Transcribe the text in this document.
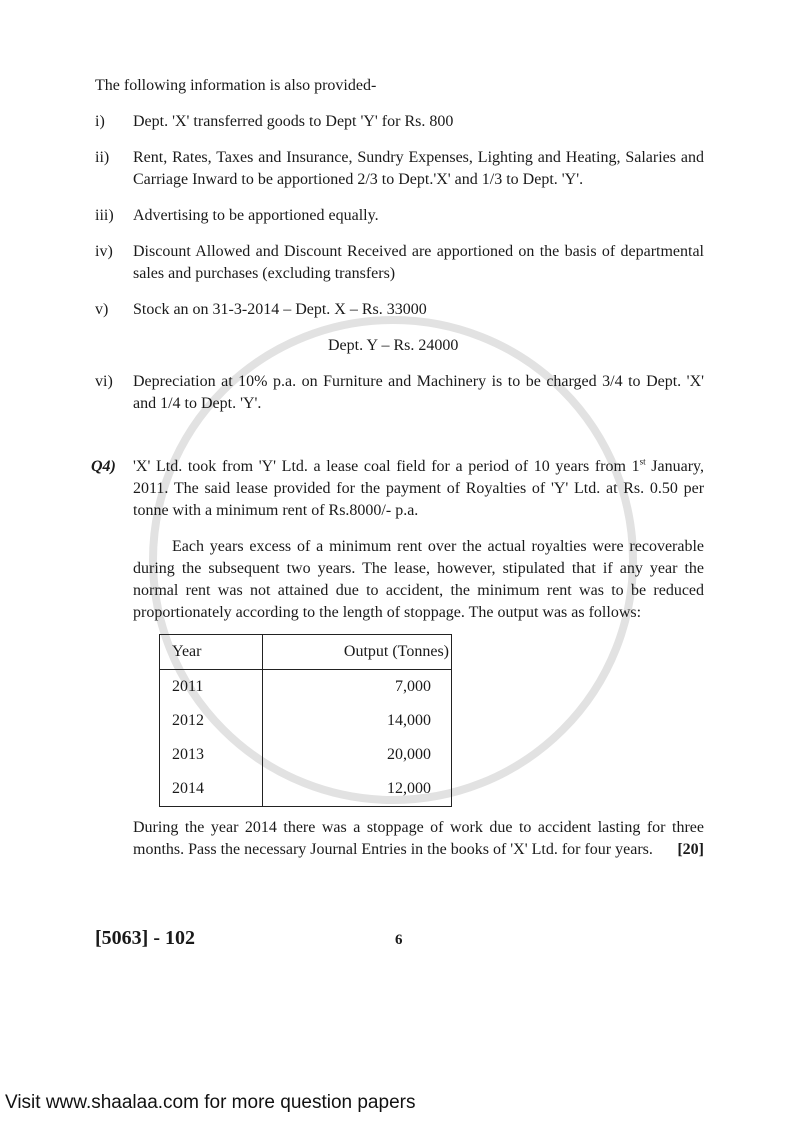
The following information is also provided-
i)	Dept. 'X' transferred goods to Dept 'Y' for Rs. 800
ii)	Rent, Rates, Taxes and Insurance, Sundry Expenses, Lighting and Heating, Salaries and Carriage Inward to be apportioned 2/3 to Dept.'X' and 1/3 to Dept. 'Y'.
iii)	Advertising to be apportioned equally.
iv)	Discount Allowed and Discount Received are apportioned on the basis of departmental sales and purchases (excluding transfers)
v)	Stock an on 31-3-2014 – Dept. X – Rs. 33000
Dept. Y – Rs. 24000
vi)	Depreciation at 10% p.a. on Furniture and Machinery is to be charged 3/4 to Dept. 'X' and 1/4 to Dept. 'Y'.
Q4)	'X' Ltd. took from 'Y' Ltd. a lease coal field for a period of 10 years from 1st January, 2011. The said lease provided for the payment of Royalties of 'Y' Ltd. at Rs. 0.50 per tonne with a minimum rent of Rs.8000/- p.a.
Each years excess of a minimum rent over the actual royalties were recoverable during the subsequent two years. The lease, however, stipulated that if any year the normal rent was not attained due to accident, the minimum rent was to be reduced proportionately according to the length of stoppage. The output was as follows:
Year	Output (Tonnes)
2011	7,000
2012	14,000
2013	20,000
2014	12,000
During the year 2014 there was a stoppage of work due to accident lasting for three months. Pass the necessary Journal Entries in the books of 'X' Ltd. for four years. [20]
[5063] - 102	6
Visit www.shaalaa.com for more question papers
